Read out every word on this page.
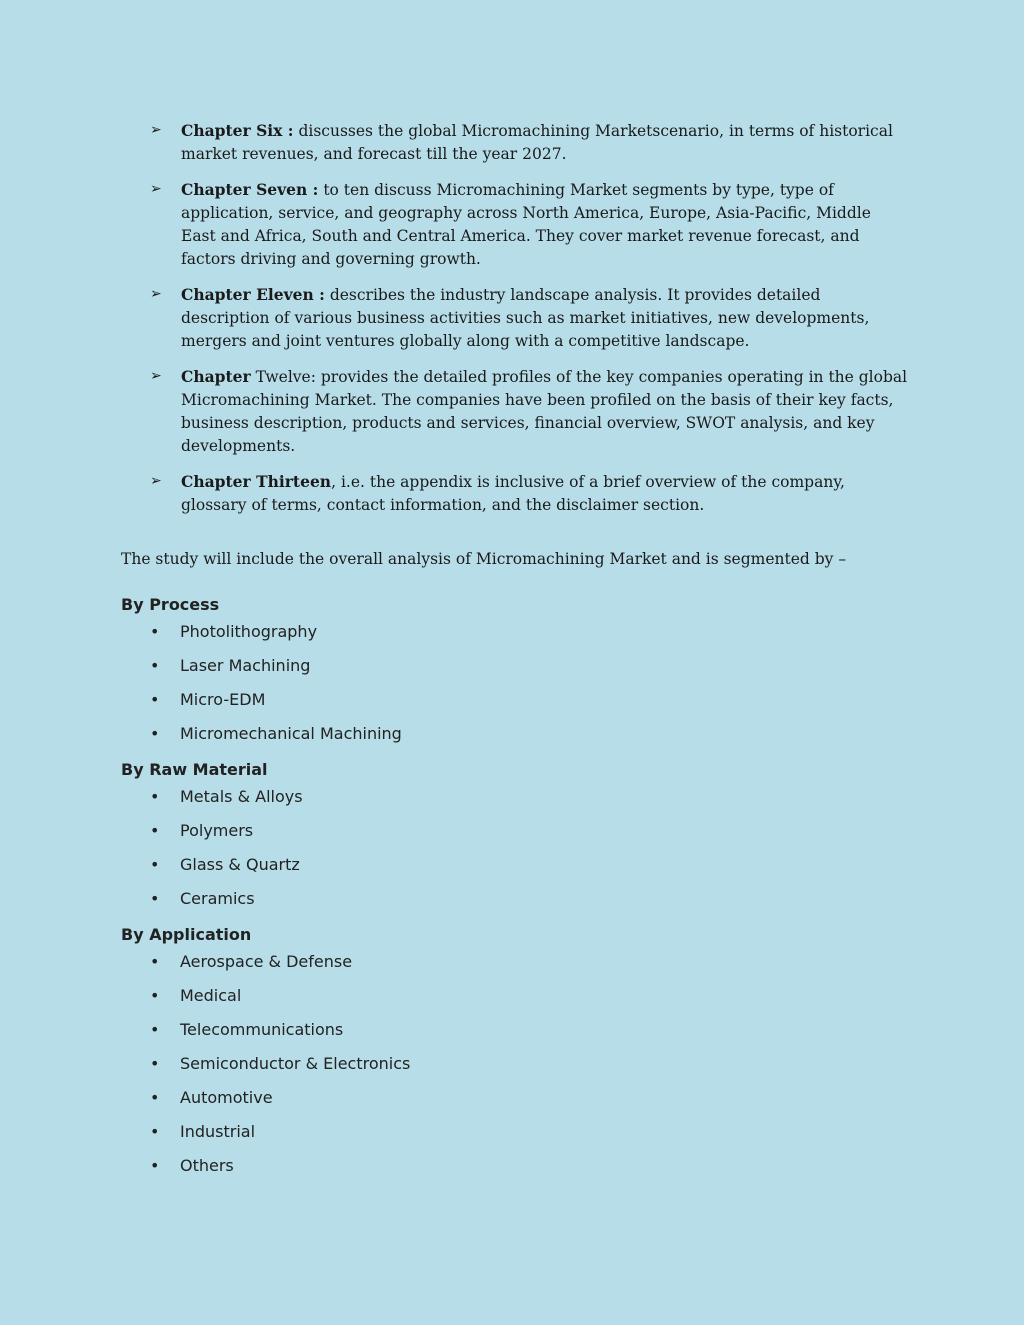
➢ Chapter Six : discusses the global Micromachining Marketscenario, in terms of historical market revenues, and forecast till the year 2027.
➢ Chapter Seven : to ten discuss Micromachining Market segments by type, type of application, service, and geography across North America, Europe, Asia-Pacific, Middle East and Africa, South and Central America. They cover market revenue forecast, and factors driving and governing growth.
➢ Chapter Eleven : describes the industry landscape analysis. It provides detailed description of various business activities such as market initiatives, new developments, mergers and joint ventures globally along with a competitive landscape.
➢ Chapter Twelve: provides the detailed profiles of the key companies operating in the global Micromachining Market. The companies have been profiled on the basis of their key facts, business description, products and services, financial overview, SWOT analysis, and key developments.
➢ Chapter Thirteen, i.e. the appendix is inclusive of a brief overview of the company, glossary of terms, contact information, and the disclaimer section.

The study will include the overall analysis of Micromachining Market and is segmented by –

By Process
• Photolithography
• Laser Machining
• Micro-EDM
• Micromechanical Machining
By Raw Material
• Metals & Alloys
• Polymers
• Glass & Quartz
• Ceramics
By Application
• Aerospace & Defense
• Medical
• Telecommunications
• Semiconductor & Electronics
• Automotive
• Industrial
• Others
